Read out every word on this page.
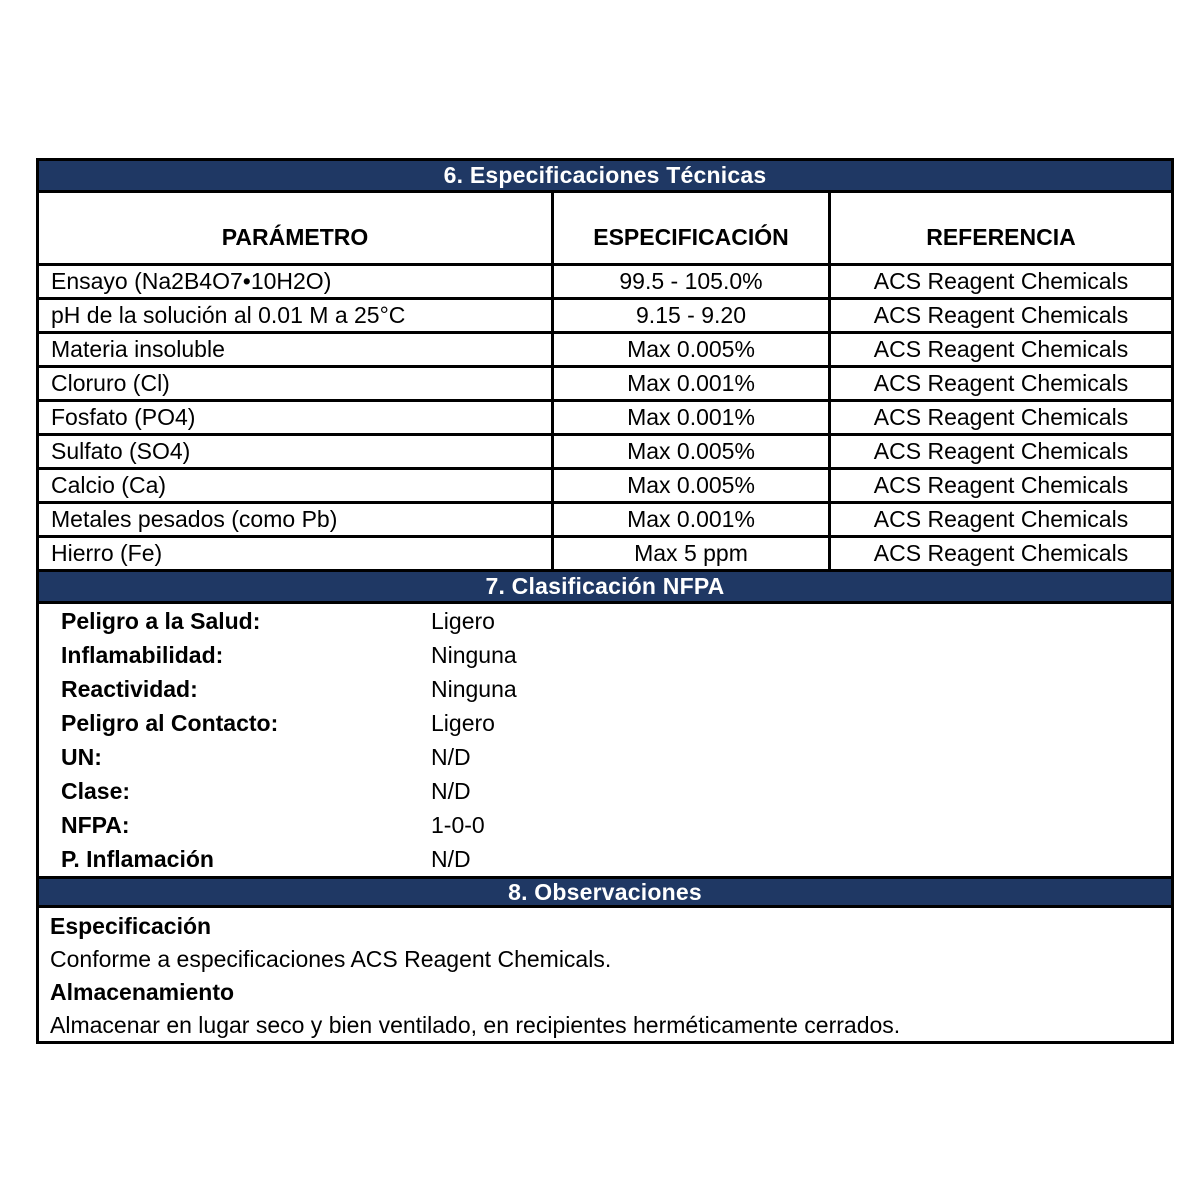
6. Especificaciones Técnicas
PARÁMETRO	ESPECIFICACIÓN	REFERENCIA
Ensayo (Na2B4O7•10H2O)	99.5 - 105.0%	ACS Reagent Chemicals
pH de la solución al 0.01 M a 25°C	9.15 - 9.20	ACS Reagent Chemicals
Materia insoluble	Max 0.005%	ACS Reagent Chemicals
Cloruro (Cl)	Max 0.001%	ACS Reagent Chemicals
Fosfato (PO4)	Max 0.001%	ACS Reagent Chemicals
Sulfato (SO4)	Max 0.005%	ACS Reagent Chemicals
Calcio (Ca)	Max 0.005%	ACS Reagent Chemicals
Metales pesados (como Pb)	Max 0.001%	ACS Reagent Chemicals
Hierro (Fe)	Max 5 ppm	ACS Reagent Chemicals
7. Clasificación NFPA
Peligro a la Salud:	Ligero
Inflamabilidad:	Ninguna
Reactividad:	Ninguna
Peligro al Contacto:	Ligero
UN:	N/D
Clase:	N/D
NFPA:	1-0-0
P. Inflamación	N/D
8. Observaciones
Especificación
Conforme a especificaciones ACS Reagent Chemicals.
Almacenamiento
Almacenar en lugar seco y bien ventilado, en recipientes herméticamente cerrados.
